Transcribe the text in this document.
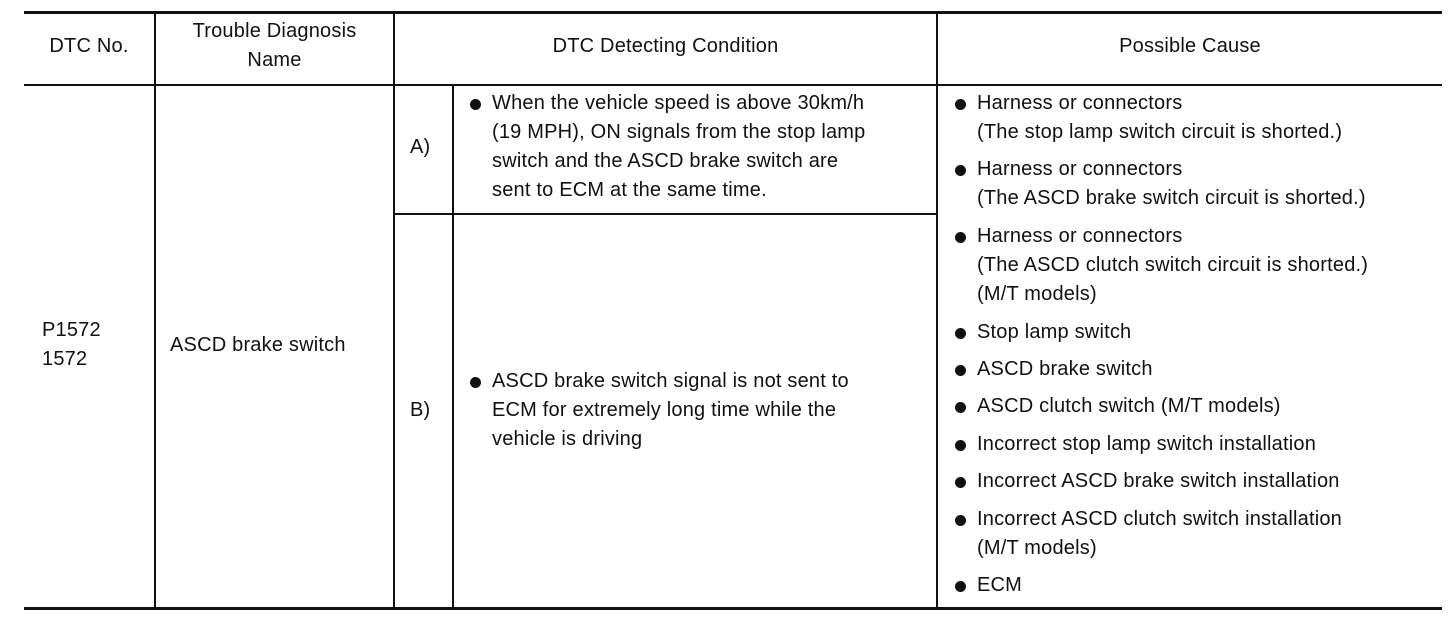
DTC No.
Trouble Diagnosis
Name
DTC Detecting Condition	Possible Cause
P1572
1572
ASCD brake switch
A)
When the vehicle speed is above 30km/h
(19 MPH), ON signals from the stop lamp
switch and the ASCD brake switch are
sent to ECM at the same time.
B)
ASCD brake switch signal is not sent to
ECM for extremely long time while the
vehicle is driving
Harness or connectors
(The stop lamp switch circuit is shorted.)
Harness or connectors
(The ASCD brake switch circuit is shorted.)
Harness or connectors
(The ASCD clutch switch circuit is shorted.)
(M/T models)
Stop lamp switch
ASCD brake switch
ASCD clutch switch (M/T models)
Incorrect stop lamp switch installation
Incorrect ASCD brake switch installation
Incorrect ASCD clutch switch installation
(M/T models)
ECM
